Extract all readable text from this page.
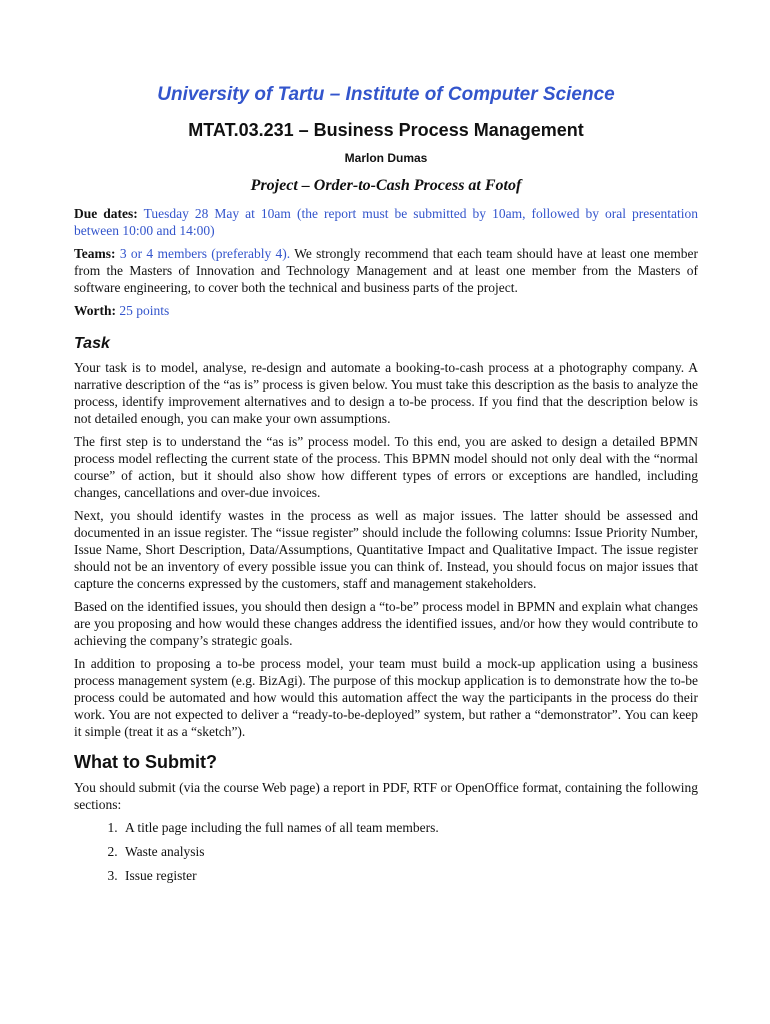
University of Tartu – Institute of Computer Science
MTAT.03.231 – Business Process Management
Marlon Dumas
Project – Order-to-Cash Process at Fotof

Due dates: Tuesday 28 May at 10am (the report must be submitted by 10am, followed by oral presentation between 10:00 and 14:00)

Teams: 3 or 4 members (preferably 4). We strongly recommend that each team should have at least one member from the Masters of Innovation and Technology Management and at least one member from the Masters of software engineering, to cover both the technical and business parts of the project.

Worth: 25 points

Task

Your task is to model, analyse, re-design and automate a booking-to-cash process at a photography company. A narrative description of the “as is” process is given below. You must take this description as the basis to analyze the process, identify improvement alternatives and to design a to-be process. If you find that the description below is not detailed enough, you can make your own assumptions.

The first step is to understand the “as is” process model. To this end, you are asked to design a detailed BPMN process model reflecting the current state of the process. This BPMN model should not only deal with the “normal course” of action, but it should also show how different types of errors or exceptions are handled, including changes, cancellations and over-due invoices.

Next, you should identify wastes in the process as well as major issues. The latter should be assessed and documented in an issue register. The “issue register” should include the following columns: Issue Priority Number, Issue Name, Short Description, Data/Assumptions, Quantitative Impact and Qualitative Impact. The issue register should not be an inventory of every possible issue you can think of. Instead, you should focus on major issues that capture the concerns expressed by the customers, staff and management stakeholders.

Based on the identified issues, you should then design a “to-be” process model in BPMN and explain what changes are you proposing and how would these changes address the identified issues, and/or how they would contribute to achieving the company’s strategic goals.

In addition to proposing a to-be process model, your team must build a mock-up application using a business process management system (e.g. BizAgi). The purpose of this mockup application is to demonstrate how the to-be process could be automated and how would this automation affect the way the participants in the process do their work. You are not expected to deliver a “ready-to-be-deployed” system, but rather a “demonstrator”. You can keep it simple (treat it as a “sketch”).

What to Submit?

You should submit (via the course Web page) a report in PDF, RTF or OpenOffice format, containing the following sections:

1. A title page including the full names of all team members.
2. Waste analysis
3. Issue register
